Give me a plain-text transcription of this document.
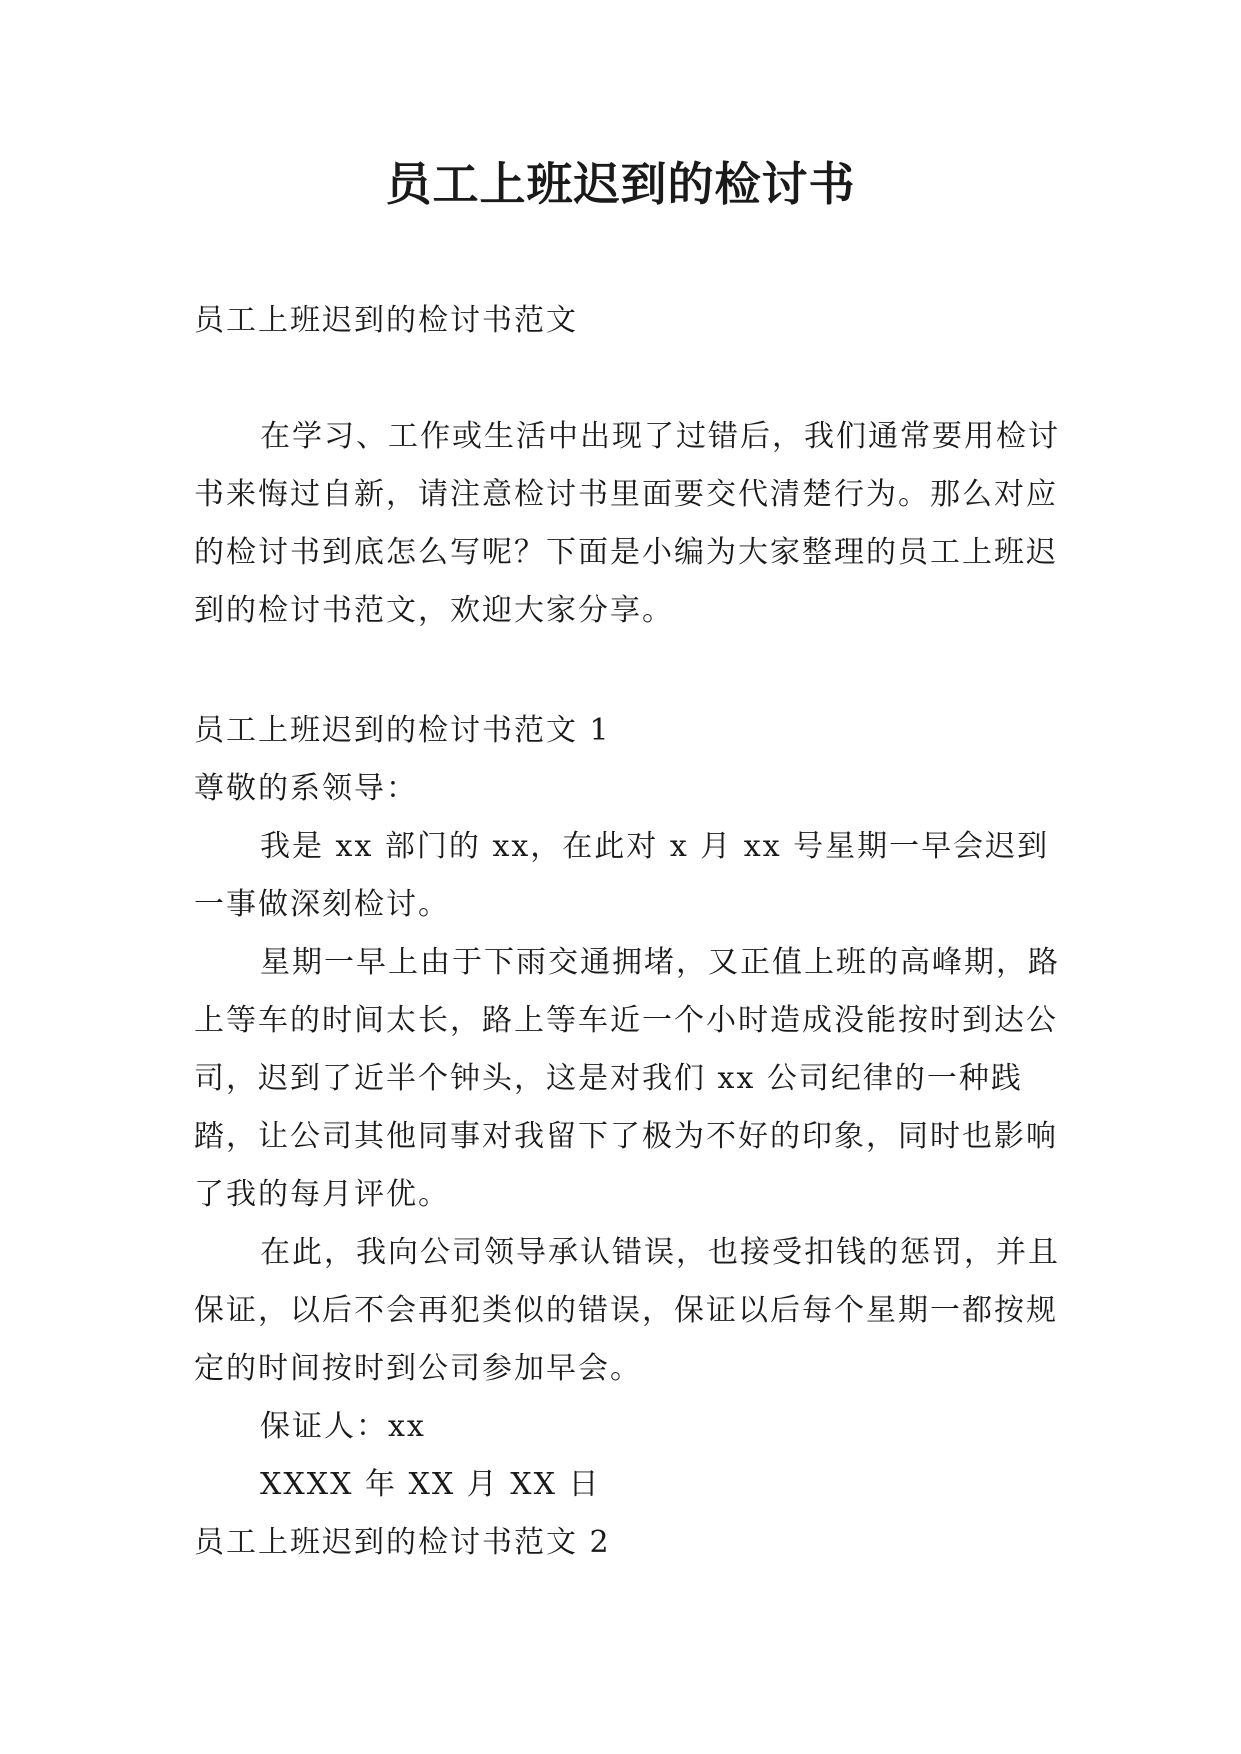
员工上班迟到的检讨书

员工上班迟到的检讨书范文

在学习、工作或生活中出现了过错后，我们通常要用检讨书来悔过自新，请注意检讨书里面要交代清楚行为。那么对应的检讨书到底怎么写呢？下面是小编为大家整理的员工上班迟到的检讨书范文，欢迎大家分享。

员工上班迟到的检讨书范文 1

尊敬的系领导：

我是 xx 部门的 xx，在此对 x 月 xx 号星期一早会迟到一事做深刻检讨。

星期一早上由于下雨交通拥堵，又正值上班的高峰期，路上等车的时间太长，路上等车近一个小时造成没能按时到达公司，迟到了近半个钟头，这是对我们 xx 公司纪律的一种践踏，让公司其他同事对我留下了极为不好的印象，同时也影响了我的每月评优。

在此，我向公司领导承认错误，也接受扣钱的惩罚，并且保证，以后不会再犯类似的错误，保证以后每个星期一都按规定的时间按时到公司参加早会。

保证人：xx

XXXX 年 XX 月 XX 日

员工上班迟到的检讨书范文 2
